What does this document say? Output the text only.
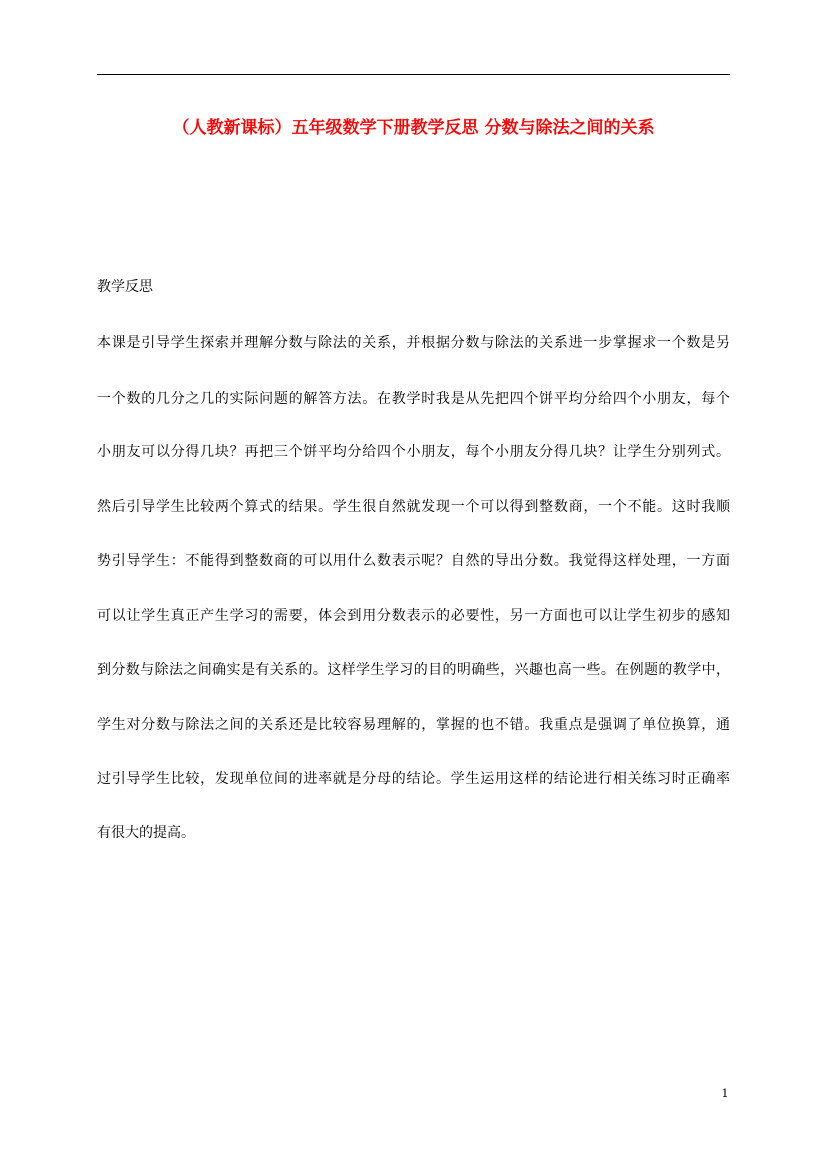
（人教新课标）五年级数学下册教学反思 分数与除法之间的关系
教学反思
本课是引导学生探索并理解分数与除法的关系，并根据分数与除法的关系进一步掌握求一个数是另
一个数的几分之几的实际问题的解答方法。在教学时我是从先把四个饼平均分给四个小朋友，每个
小朋友可以分得几块？再把三个饼平均分给四个小朋友，每个小朋友分得几块？让学生分别列式。
然后引导学生比较两个算式的结果。学生很自然就发现一个可以得到整数商，一个不能。这时我顺
势引导学生：不能得到整数商的可以用什么数表示呢？自然的导出分数。我觉得这样处理，一方面
可以让学生真正产生学习的需要，体会到用分数表示的必要性，另一方面也可以让学生初步的感知
到分数与除法之间确实是有关系的。这样学生学习的目的明确些，兴趣也高一些。在例题的教学中，
学生对分数与除法之间的关系还是比较容易理解的，掌握的也不错。我重点是强调了单位换算，通
过引导学生比较，发现单位间的进率就是分母的结论。学生运用这样的结论进行相关练习时正确率
有很大的提高。
1
